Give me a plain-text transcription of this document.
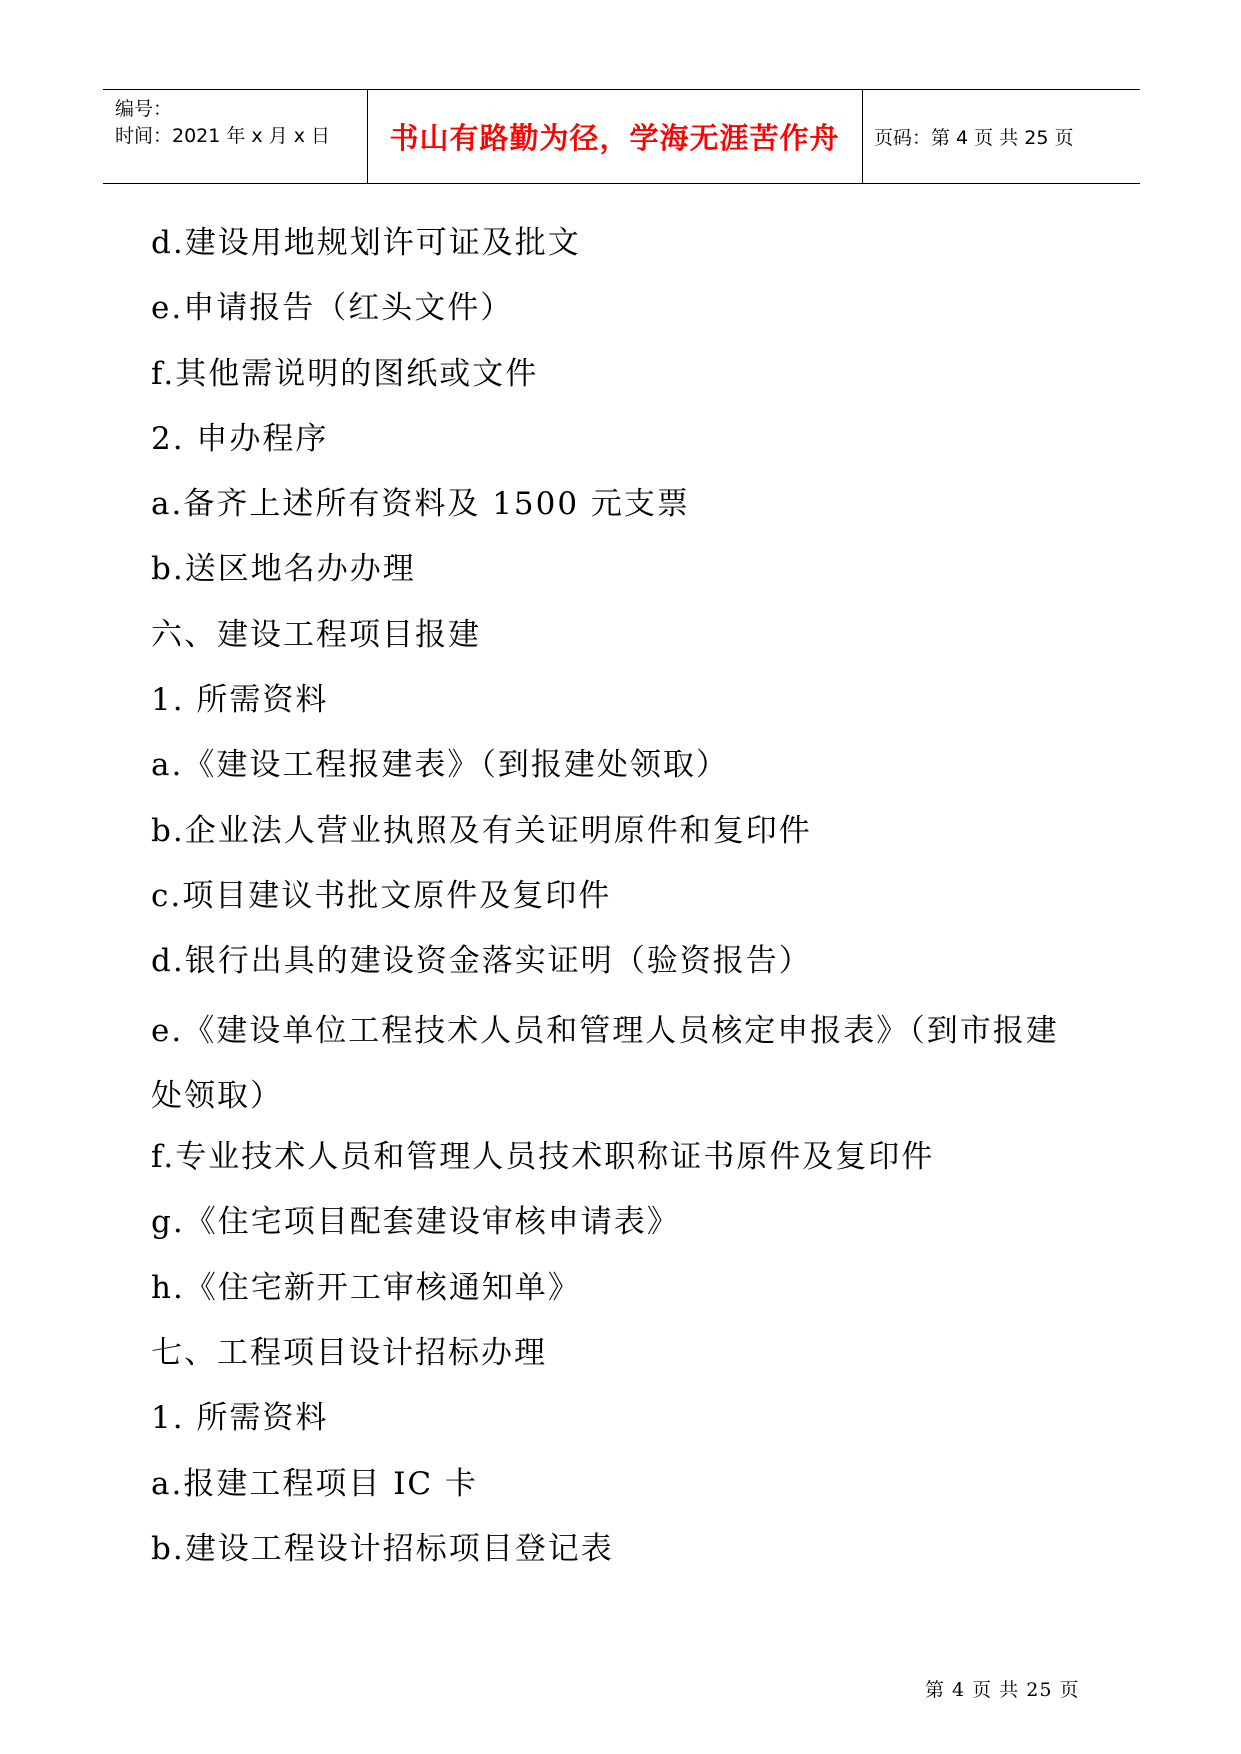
编号：
时间：2021 年 x 月 x 日	书山有路勤为径，学海无涯苦作舟	页码：第 4 页 共 25 页
d.建设用地规划许可证及批文
e.申请报告（红头文件）
f.其他需说明的图纸或文件
2. 申办程序
a.备齐上述所有资料及 1500 元支票
b.送区地名办办理
六、建设工程项目报建
1. 所需资料
a.《建设工程报建表》（到报建处领取）
b.企业法人营业执照及有关证明原件和复印件
c.项目建议书批文原件及复印件
d.银行出具的建设资金落实证明（验资报告）
e.《建设单位工程技术人员和管理人员核定申报表》（到市报建处领取）
f.专业技术人员和管理人员技术职称证书原件及复印件
g.《住宅项目配套建设审核申请表》
h.《住宅新开工审核通知单》
七、工程项目设计招标办理
1. 所需资料
a.报建工程项目 IC 卡
b.建设工程设计招标项目登记表
第 4 页 共 25 页
